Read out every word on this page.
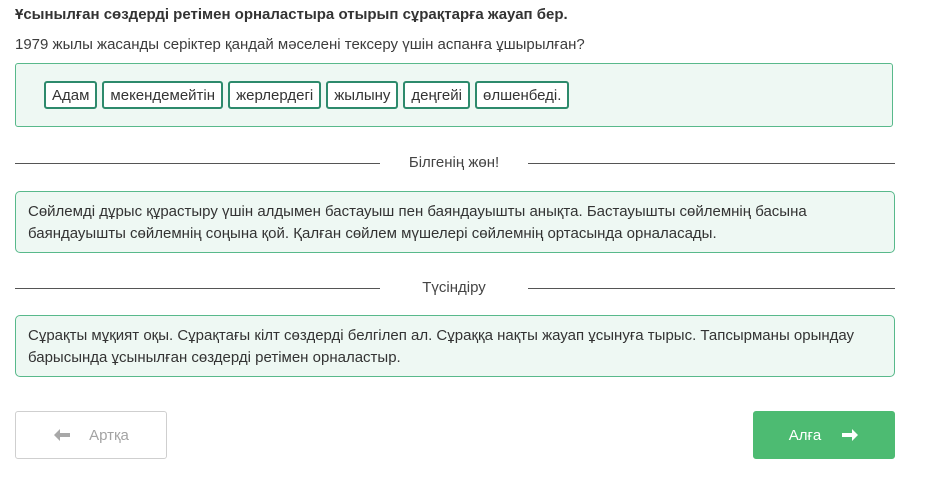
Ұсынылған сөздерді ретімен орналастыра отырып сұрақтарға жауап бер.
1979 жылы жасанды серіктер қандай мәселені тексеру үшін аспанға ұшырылған?
Адам	мекендемейтін	жерлердегі	жылыну	деңгейі	өлшенбеді.
Білгенің жөн!
Сөйлемді дұрыс құрастыру үшін алдымен бастауыш пен баяндауышты анықта. Бастауышты сөйлемнің басына баяндауышты сөйлемнің соңына қой. Қалған сөйлем мүшелері сөйлемнің ортасында орналасады.
Түсіндіру
Сұрақты мұқият оқы. Сұрақтағы кілт сөздерді белгілеп ал. Сұраққа нақты жауап ұсынуға тырыс. Тапсырманы орындау барысында ұсынылған сөздерді ретімен орналастыр.
Артқа	Алға
